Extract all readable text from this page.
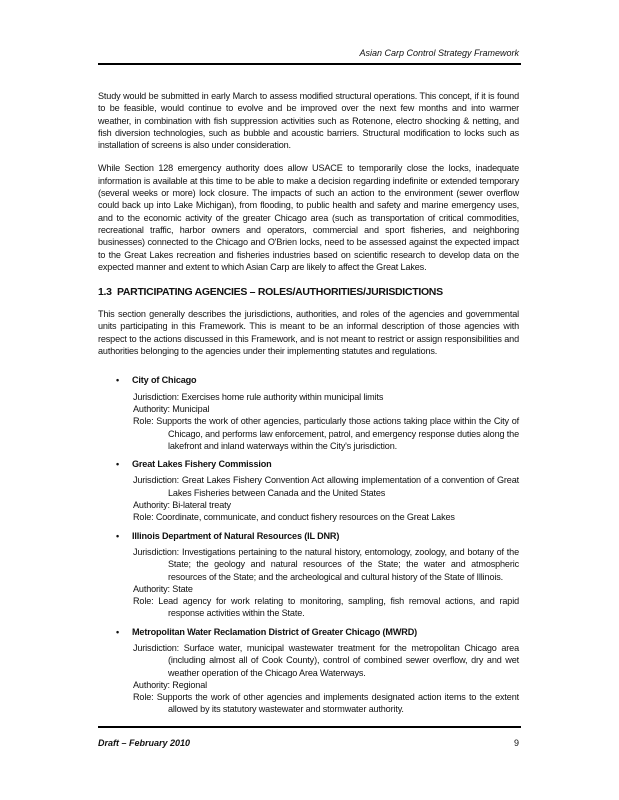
Asian Carp Control Strategy Framework
Study would be submitted in early March to assess modified structural operations. This concept, if it is found to be feasible, would continue to evolve and be improved over the next few months and into warmer weather, in combination with fish suppression activities such as Rotenone, electro shocking & netting, and fish diversion technologies, such as bubble and acoustic barriers. Structural modification to locks such as installation of screens is also under consideration.
While Section 128 emergency authority does allow USACE to temporarily close the locks, inadequate information is available at this time to be able to make a decision regarding indefinite or extended temporary (several weeks or more) lock closure. The impacts of such an action to the environment (sewer overflow could back up into Lake Michigan), from flooding, to public health and safety and marine emergency uses, and to the economic activity of the greater Chicago area (such as transportation of critical commodities, recreational traffic, harbor owners and operators, commercial and sport fisheries, and neighboring businesses) connected to the Chicago and O'Brien locks, need to be assessed against the expected impact to the Great Lakes recreation and fisheries industries based on scientific research to develop data on the expected manner and extent to which Asian Carp are likely to affect the Great Lakes.
1.3 PARTICIPATING AGENCIES – ROLES/AUTHORITIES/JURISDICTIONS
This section generally describes the jurisdictions, authorities, and roles of the agencies and governmental units participating in this Framework. This is meant to be an informal description of those agencies with respect to the actions discussed in this Framework, and is not meant to restrict or assign responsibilities and authorities belonging to the agencies under their implementing statutes and regulations.
•	City of Chicago
Jurisdiction: Exercises home rule authority within municipal limits
Authority: Municipal
Role: Supports the work of other agencies, particularly those actions taking place within the City of Chicago, and performs law enforcement, patrol, and emergency response duties along the lakefront and inland waterways within the City's jurisdiction.
•	Great Lakes Fishery Commission
Jurisdiction: Great Lakes Fishery Convention Act allowing implementation of a convention of Great Lakes Fisheries between Canada and the United States
Authority: Bi-lateral treaty
Role: Coordinate, communicate, and conduct fishery resources on the Great Lakes
•	Illinois Department of Natural Resources (IL DNR)
Jurisdiction: Investigations pertaining to the natural history, entomology, zoology, and botany of the State; the geology and natural resources of the State; the water and atmospheric resources of the State; and the archeological and cultural history of the State of Illinois.
Authority: State
Role: Lead agency for work relating to monitoring, sampling, fish removal actions, and rapid response activities within the State.
•	Metropolitan Water Reclamation District of Greater Chicago (MWRD)
Jurisdiction: Surface water, municipal wastewater treatment for the metropolitan Chicago area (including almost all of Cook County), control of combined sewer overflow, dry and wet weather operation of the Chicago Area Waterways.
Authority: Regional
Role: Supports the work of other agencies and implements designated action items to the extent allowed by its statutory wastewater and stormwater authority.
Draft – February 2010	9
